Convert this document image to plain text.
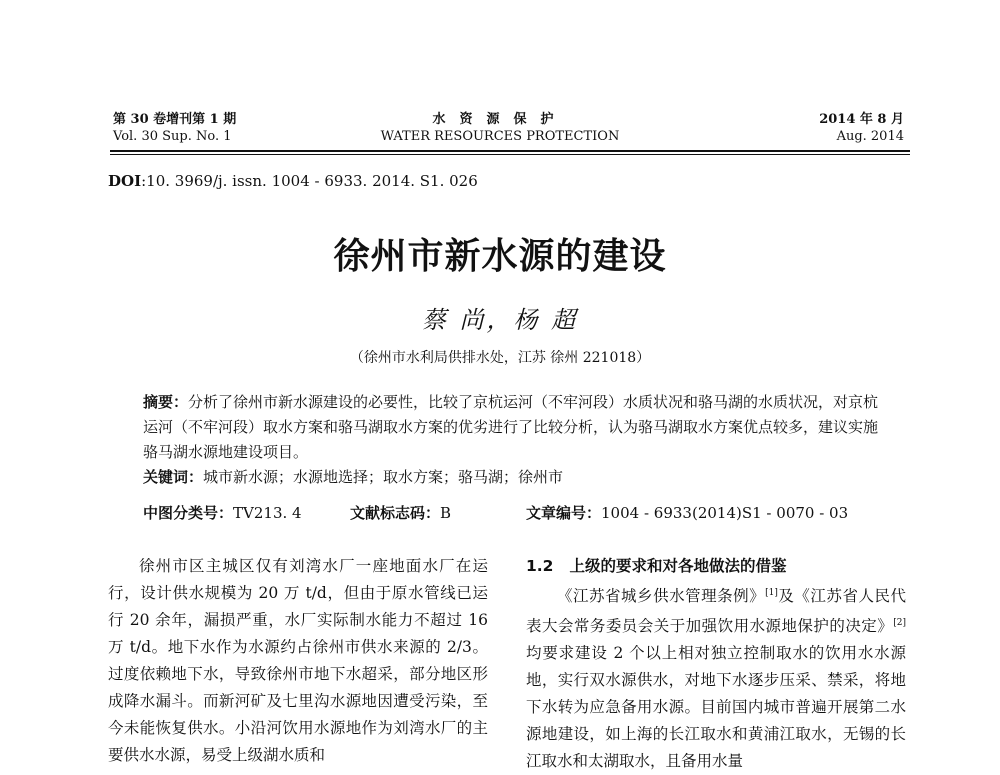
第 30 卷增刊第 1 期
Vol. 30 Sup. No. 1
水资源保护
WATER RESOURCES PROTECTION
2014 年 8 月
Aug. 2014
DOI:10. 3969/j. issn. 1004 - 6933. 2014. S1. 026
徐州市新水源的建设
蔡 尚，杨 超
（徐州市水利局供排水处，江苏 徐州 221018）

摘要：分析了徐州市新水源建设的必要性，比较了京杭运河（不牢河段）水质状况和骆马湖的水质状况，对京杭运河（不牢河段）取水方案和骆马湖取水方案的优劣进行了比较分析，认为骆马湖取水方案优点较多，建议实施骆马湖水源地建设项目。

关键词：城市新水源；水源地选择；取水方案；骆马湖；徐州市

中图分类号：TV213. 4	文献标志码：B	文章编号：1004 - 6933(2014)S1 - 0070 - 03

徐州市区主城区仅有刘湾水厂一座地面水厂在运行，设计供水规模为 20 万 t/d，但由于原水管线已运行 20 余年，漏损严重，水厂实际制水能力不超过 16 万 t/d。地下水作为水源约占徐州市供水来源的 2/3。过度依赖地下水，导致徐州市地下水超采，部分地区形成降水漏斗。而新河矿及七里沟水源地因遭受污染，至今未能恢复供水。小沿河饮用水源地作为刘湾水厂的主要供水水源，易受上级湖水质和

1.2 上级的要求和对各地做法的借鉴

《江苏省城乡供水管理条例》[1]及《江苏省人民代表大会常务委员会关于加强饮用水源地保护的决定》[2]均要求建设 2 个以上相对独立控制取水的饮用水水源地，实行双水源供水，对地下水逐步压采、禁采，将地下水转为应急备用水源。目前国内城市普遍开展第二水源地建设，如上海的长江取水和黄浦江取水，无锡的长江取水和太湖取水，且备用水量
